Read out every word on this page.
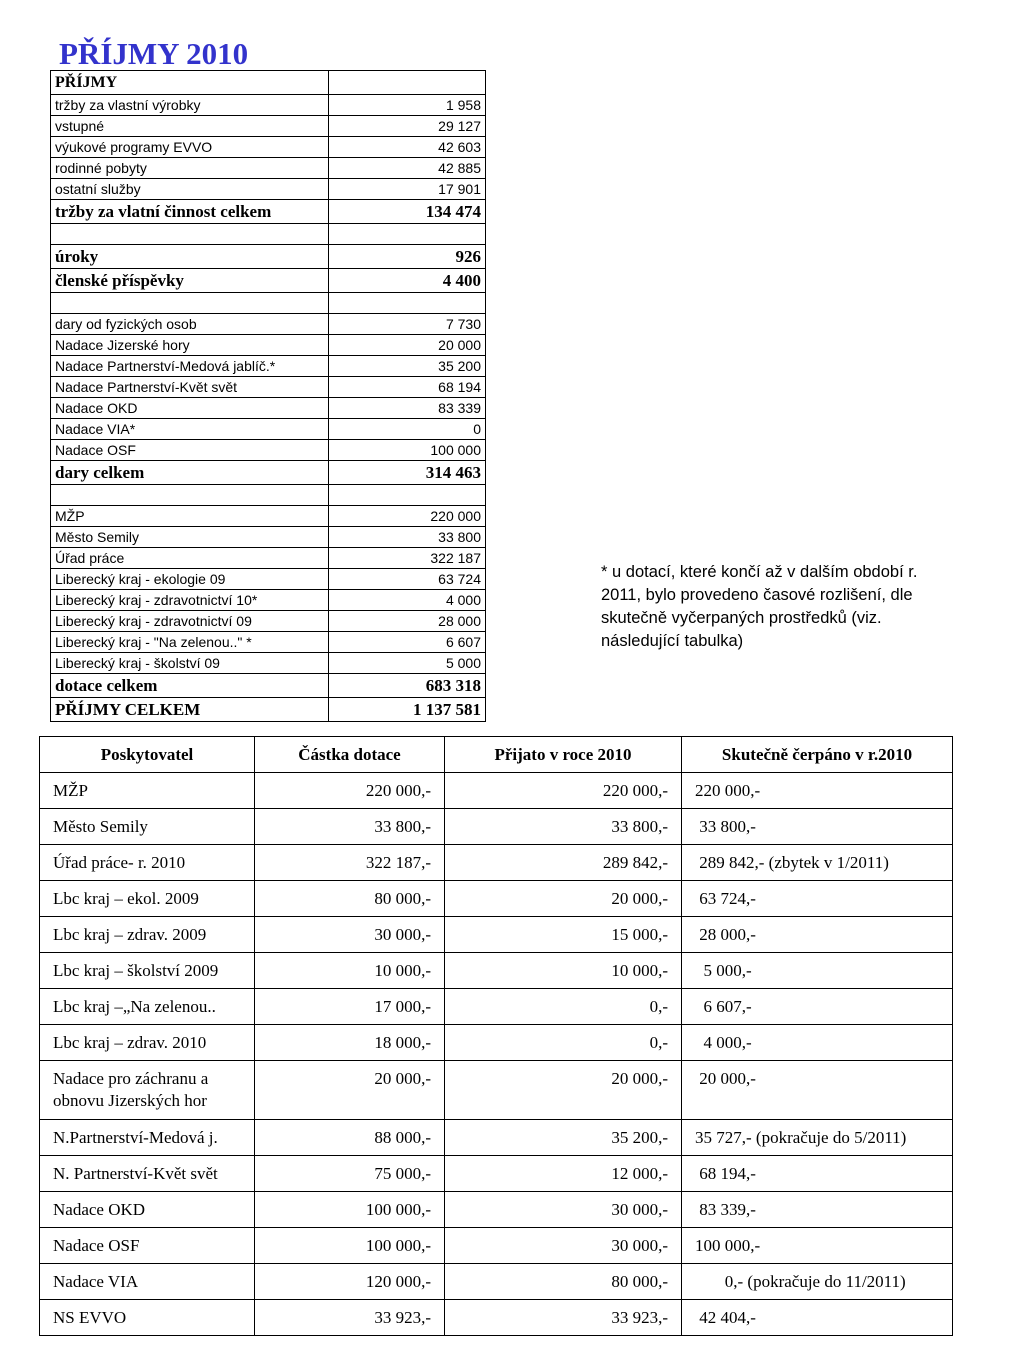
PŘÍJMY 2010
PŘÍJMY	
tržby za vlastní výrobky	1 958
vstupné	29 127
výukové programy EVVO	42 603
rodinné pobyty	42 885
ostatní služby	17 901
tržby za vlatní činnost celkem	134 474

úroky	926
členské příspěvky	4 400

dary od fyzických osob	7 730
Nadace Jizerské hory	20 000
Nadace Partnerství-Medová jablíč.*	35 200
Nadace Partnerství-Květ svět	68 194
Nadace OKD	83 339
Nadace VIA*	0
Nadace OSF	100 000
dary celkem	314 463

MŽP	220 000
Město Semily	33 800
Úřad práce	322 187
Liberecký kraj - ekologie 09	63 724
Liberecký kraj - zdravotnictví 10*	4 000
Liberecký kraj - zdravotnictví 09	28 000
Liberecký kraj - "Na zelenou.." *	6 607
Liberecký kraj - školství 09	5 000
dotace celkem	683 318
PŘÍJMY CELKEM	1 137 581
* u dotací, které končí až v dalším období r. 2011, bylo provedeno časové rozlišení, dle skutečně vyčerpaných prostředků (viz. následující tabulka)
Poskytovatel	Částka dotace	Přijato v roce 2010	Skutečně čerpáno v r.2010
MŽP	220 000,-	220 000,-	220 000,-
Město Semily	33 800,-	33 800,-	33 800,-
Úřad práce- r. 2010	322 187,-	289 842,-	289 842,- (zbytek v 1/2011)
Lbc kraj – ekol. 2009	80 000,-	20 000,-	63 724,-
Lbc kraj – zdrav. 2009	30 000,-	15 000,-	28 000,-
Lbc kraj – školství 2009	10 000,-	10 000,-	5 000,-
Lbc kraj –„Na zelenou..	17 000,-	0,-	6 607,-
Lbc kraj – zdrav. 2010	18 000,-	0,-	4 000,-
Nadace pro záchranu a obnovu Jizerských hor	20 000,-	20 000,-	20 000,-
N.Partnerství-Medová j.	88 000,-	35 200,-	35 727,- (pokračuje do 5/2011)
N. Partnerství-Květ svět	75 000,-	12 000,-	68 194,-
Nadace OKD	100 000,-	30 000,-	83 339,-
Nadace OSF	100 000,-	30 000,-	100 000,-
Nadace VIA	120 000,-	80 000,-	0,- (pokračuje do 11/2011)
NS EVVO	33 923,-	33 923,-	42 404,-
